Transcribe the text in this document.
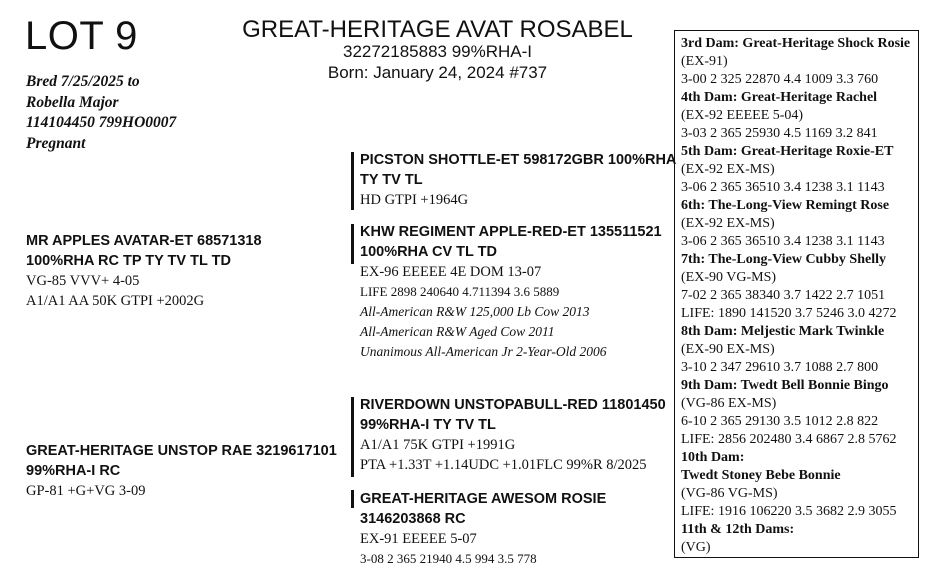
LOT 9	GREAT-HERITAGE AVAT ROSABEL
32272185883 99%RHA-I
Born: January 24, 2024 #737
Bred 7/25/2025 to
Robella Major
114104450 799HO0007
Pregnant
MR APPLES AVATAR-ET 68571318
100%RHA RC TP TY TV TL TD
VG-85 VVV+ 4-05
A1/A1 AA 50K GTPI +2002G
PICSTON SHOTTLE-ET 598172GBR 100%RHA
TY TV TL
HD GTPI +1964G
KHW REGIMENT APPLE-RED-ET 135511521
100%RHA CV TL TD
EX-96 EEEEE 4E DOM 13-07
LIFE 2898 240640 4.711394 3.6 5889
All-American R&W 125,000 Lb Cow 2013
All-American R&W Aged Cow 2011
Unanimous All-American Jr 2-Year-Old 2006
GREAT-HERITAGE UNSTOP RAE 3219617101
99%RHA-I RC
GP-81 +G+VG 3-09
RIVERDOWN UNSTOPABULL-RED 11801450
99%RHA-I TY TV TL
A1/A1 75K GTPI +1991G
PTA +1.33T +1.14UDC +1.01FLC 99%R 8/2025
GREAT-HERITAGE AWESOM ROSIE
3146203868 RC
EX-91 EEEEE 5-07
3-08 2 365 21940 4.5 994 3.5 778
3rd Dam: Great-Heritage Shock Rosie
(EX-91)
3-00 2 325 22870 4.4 1009 3.3 760
4th Dam: Great-Heritage Rachel
(EX-92 EEEEE 5-04)
3-03 2 365 25930 4.5 1169 3.2 841
5th Dam: Great-Heritage Roxie-ET
(EX-92 EX-MS)
3-06 2 365 36510 3.4 1238 3.1 1143
6th: The-Long-View Remingt Rose
(EX-92 EX-MS)
3-06 2 365 36510 3.4 1238 3.1 1143
7th: The-Long-View Cubby Shelly
(EX-90 VG-MS)
7-02 2 365 38340 3.7 1422 2.7 1051
LIFE: 1890 141520 3.7 5246 3.0 4272
8th Dam: Meljestic Mark Twinkle
(EX-90 EX-MS)
3-10 2 347 29610 3.7 1088 2.7 800
9th Dam: Twedt Bell Bonnie Bingo
(VG-86 EX-MS)
6-10 2 365 29130 3.5 1012 2.8 822
LIFE: 2856 202480 3.4 6867 2.8 5762
10th Dam:
Twedt Stoney Bebe Bonnie
(VG-86 VG-MS)
LIFE: 1916 106220 3.5 3682 2.9 3055
11th & 12th Dams:
(VG)
